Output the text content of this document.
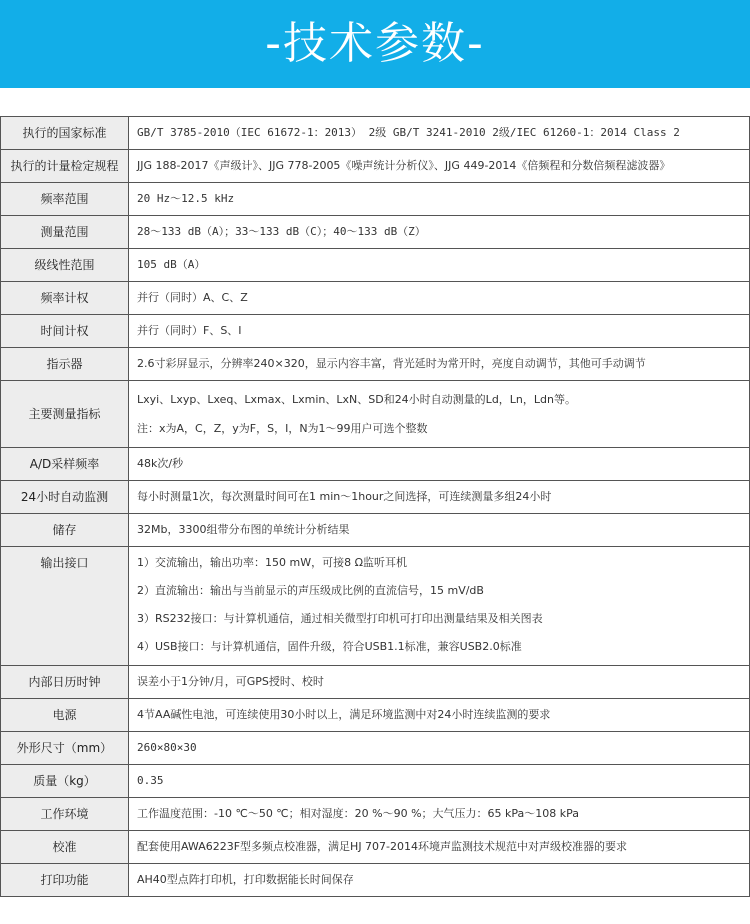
-技术参数-
执行的国家标准	GB/T 3785-2010（IEC 61672-1：2013） 2级 GB/T 3241-2010 2级/IEC 61260-1：2014 Class 2

执行的计量检定规程	JJG 188-2017《声级计》、JJG 778-2005《噪声统计分析仪》、JJG 449-2014《倍频程和分数倍频程滤波器》

频率范围	20 Hz～12.5 kHz

测量范围	28～133 dB（A）；33～133 dB（C）；40～133 dB（Z）

级线性范围	105 dB（A）

频率计权	并行（同时）A、C、Z

时间计权	并行（同时）F、S、I

指示器	2.6寸彩屏显示，分辨率240×320，显示内容丰富，背光延时为常开时，亮度自动调节，其他可手动调节

主要测量指标	Lxyi、Lxyp、Lxeq、Lxmax、Lxmin、LxN、SD和24小时自动测量的Ld，Ln，Ldn等。
注：x为A，C，Z，y为F，S，I，N为1～99用户可选个整数

A/D采样频率	48k次/秒

24小时自动监测	每小时测量1次，每次测量时间可在1 min～1hour之间选择，可连续测量多组24小时

储存	32Mb，3300组带分布图的单统计分析结果

输出接口	1）交流输出，输出功率：150 mW，可接8 Ω监听耳机
2）直流输出：输出与当前显示的声压级成比例的直流信号，15 mV/dB
3）RS232接口：与计算机通信，通过相关微型打印机可打印出测量结果及相关图表
4）USB接口：与计算机通信，固件升级，符合USB1.1标准，兼容USB2.0标准

内部日历时钟	误差小于1分钟/月，可GPS授时、校时

电源	4节AA碱性电池，可连续使用30小时以上，满足环境监测中对24小时连续监测的要求

外形尺寸（mm）	260×80×30

质量（kg）	0.35

工作环境	工作温度范围：-10 ℃～50 ℃；相对湿度：20 %～90 %；大气压力：65 kPa～108 kPa

校准	配套使用AWA6223F型多频点校准器，满足HJ 707-2014环境声监测技术规范中对声级校准器的要求

打印功能	AH40型点阵打印机，打印数据能长时间保存
